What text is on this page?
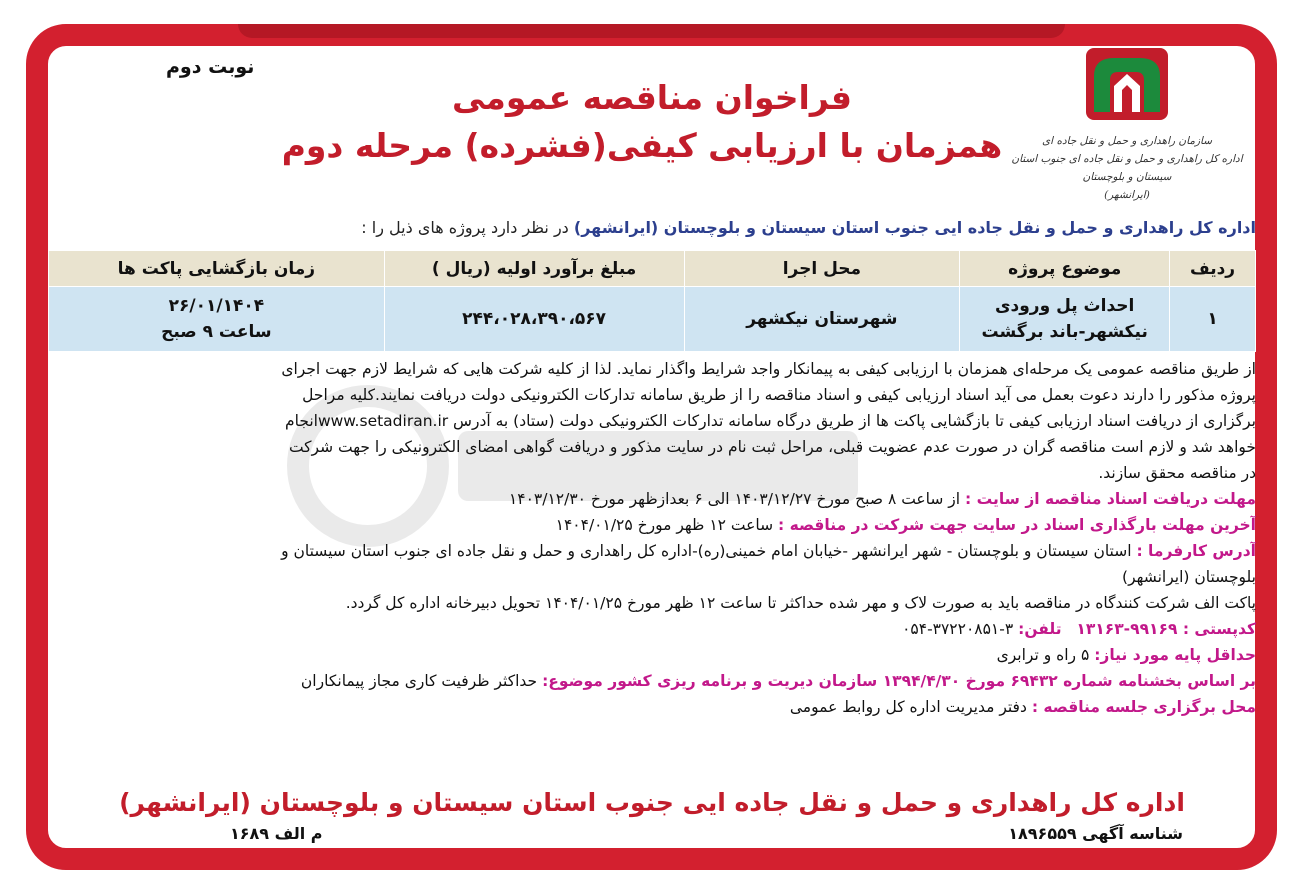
سازمان راهداری و حمل و نقل جاده ای
اداره کل راهداری و حمل و نقل جاده ای جنوب استان سیستان و بلوچستان
(ایرانشهر)
نوبت دوم
فراخوان مناقصه عمومی
همزمان با ارزیابی کیفی(فشرده) مرحله دوم
اداره کل راهداری و حمل و نقل جاده ایی جنوب استان سیستان و بلوچستان (ایرانشهر) در نظر دارد پروژه های ذیل را :
ردیف	موضوع پروژه	محل اجرا	مبلغ برآورد اولیه (ریال )	زمان بازگشایی پاکت ها
۱	احداث پل ورودی نیکشهر-باند برگشت	شهرستان نیکشهر	۲۴۴،۰۲۸،۳۹۰،۵۶۷	۲۶/۰۱/۱۴۰۴
ساعت ۹ صبح
از طریق مناقصه عمومی یک مرحله‌ای همزمان با ارزیابی کیفی به پیمانکار واجد شرایط واگذار نماید. لذا از کلیه شرکت هایی که شرایط لازم جهت اجرای
پروژه مذکور را دارند دعوت بعمل می آید اسناد ارزیابی کیفی و اسناد مناقصه را از طریق سامانه تدارکات الکترونیکی دولت دریافت نمایند.کلیه مراحل
برگزاری از دریافت اسناد ارزیابی کیفی تا بازگشایی پاکت ها از طریق درگاه سامانه تدارکات الکترونیکی دولت (ستاد) به آدرس www.setadiran.irانجام
خواهد شد و لازم است مناقصه گران در صورت عدم عضویت قبلی، مراحل ثبت نام در سایت مذکور و دریافت گواهی امضای الکترونیکی را جهت شرکت
در مناقصه محقق سازند.
مهلت دریافت اسناد مناقصه از سایت : از ساعت ۸ صبح مورخ ۱۴۰۳/۱۲/۲۷ الی ۶ بعدازظهر مورخ ۱۴۰۳/۱۲/۳۰
آخرین مهلت بارگذاری اسناد در سایت جهت شرکت در مناقصه : ساعت ۱۲ ظهر مورخ ۱۴۰۴/۰۱/۲۵
آدرس کارفرما : استان سیستان و بلوچستان - شهر ایرانشهر -خیابان امام خمینی(ره)-اداره کل راهداری و حمل و نقل جاده ای جنوب استان سیستان و
بلوچستان (ایرانشهر)
پاکت الف شرکت کنندگاه در مناقصه باید به صورت لاک و مهر شده حداکثر تا ساعت ۱۲ ظهر مورخ ۱۴۰۴/۰۱/۲۵ تحویل دبیرخانه اداره کل گردد.
کدپستی : ۹۹۱۶۹-۱۳۱۶۳   تلفن: ۳-۳۷۲۲۰۸۵۱-۰۵۴
حداقل پایه مورد نیاز: ۵ راه و ترابری
بر اساس بخشنامه شماره ۶۹۴۳۲ مورخ ۱۳۹۴/۴/۳۰ سازمان دیریت و برنامه ریزی کشور موضوع: حداکثر ظرفیت کاری مجاز پیمانکاران
محل برگزاری جلسه مناقصه : دفتر مدیریت اداره کل روابط عمومی
اداره کل راهداری و حمل و نقل جاده ایی جنوب استان سیستان و بلوچستان (ایرانشهر)
شناسه آگهی ۱۸۹۶۵۵۹
م الف ۱۶۸۹
